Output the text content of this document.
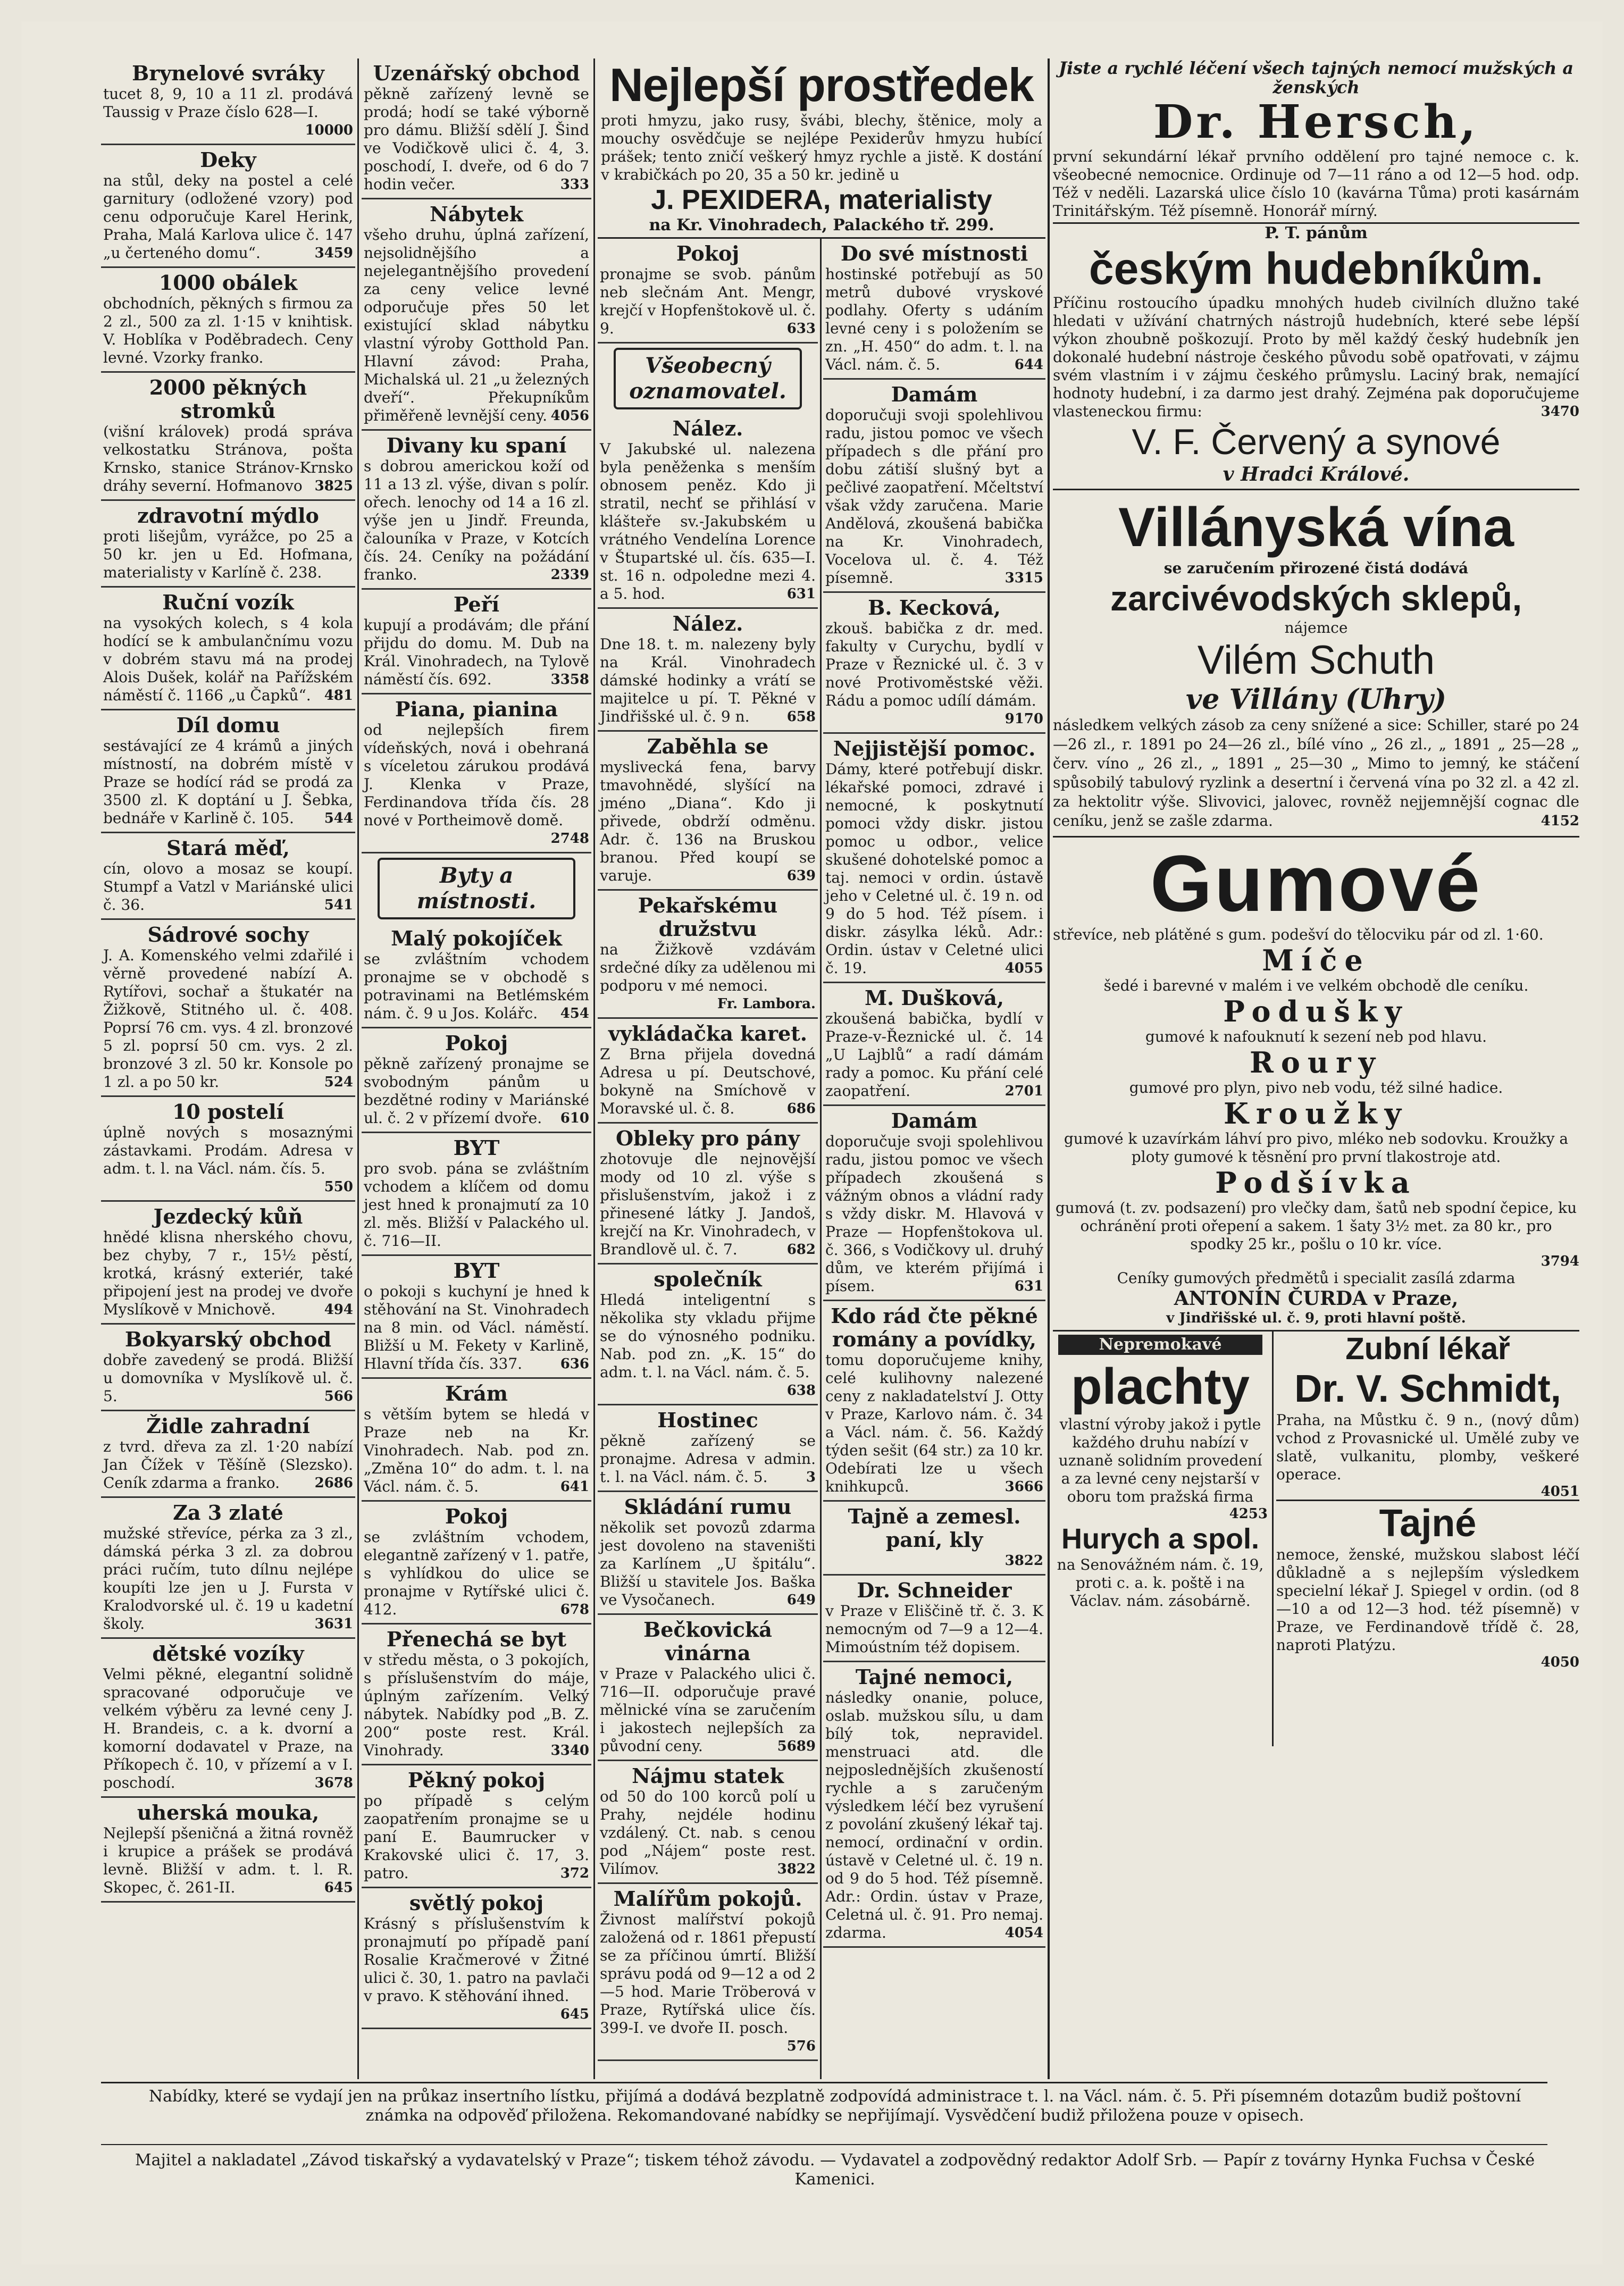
Brynelové svráky

tucet 8, 9, 10 a 11 zl. prodává Taussig v Praze číslo 628—I.
10000

Deky

na stůl, deky na postel a celé garnitury (odložené vzory) pod cenu odporučuje Karel Herink, Praha, Malá Karlova ulice č. 147 „u čerteného domu“.	3459

1000 obálek

obchodních, pěkných s firmou za 2 zl., 500 za zl. 1·15 v knihtisk. V. Hoblíka v Poděbradech. Ceny levné. Vzorky franko.

2000 pěkných stromků

(višní královek) prodá správa velkostatku Stránova, pošta Krnsko, stanice Stránov-Krnsko dráhy severní. Hofmanovo 3825

zdravotní mýdlo

proti lišejům, vyrážce, po 25 a 50 kr. jen u Ed. Hofmana, materialisty v Karlíně č. 238.

Ruční vozík

na vysokých kolech, s 4 kola hodící se k ambulančnímu vozu v dobrém stavu má na prodej Alois Dušek, kolář na Pařížském náměstí č. 1166 „u Čapků“. 481

Díl domu

sestávající ze 4 krámů a jiných místností, na dobrém místě v Praze se hodící rád se prodá za 3500 zl. K doptání u J. Šebka, bednáře v Karlině č. 105. 544

Stará měď,

cín, olovo a mosaz se koupí. Stumpf a Vatzl v Mariánské ulici č. 36.	541

Sádrové sochy

J. A. Komenského velmi zdařilé i věrně provedené nabízí A. Rytířovi, sochař a štukatér na Žižkově, Stitného ul. č. 408. Poprsí 76 cm. vys. 4 zl. bronzové 5 zl. poprsí 50 cm. vys. 2 zl. bronzové 3 zl. 50 kr. Konsole po 1 zl. a po 50 kr.	524

10 postelí

úplně nových s mosaznými zástavkami. Prodám. Adresa v adm. t. l. na Václ. nám. čís. 5.
550

Jezdecký kůň

hnědé klisna nherského chovu, bez chyby, 7 r., 15½ pěstí, krotká, krásný exteriér, také připojení jest na prodej ve dvoře Myslíkově v Mnichově.	494

Bokyarský obchod

dobře zavedený se prodá. Bližší u domovníka v Myslíkově ul. č. 5.	566

Židle zahradní

z tvrd. dřeva za zl. 1·20 nabízí Jan Čížek v Těšíně (Slezsko). Ceník zdarma a franko.	2686

Za 3 zlaté

mužské střevíce, pérka za 3 zl., dámská pérka 3 zl. za dobrou práci ručím, tuto dílnu nejlépe koupíti lze jen u J. Fursta v Kralodvorské ul. č. 19 u kadetní školy.	3631

dětské vozíky

Velmi pěkné, elegantní solidně spracované odporučuje ve velkém výběru za levné ceny J. H. Brandeis, c. a k. dvorní a komorní dodavatel v Praze, na Příkopech č. 10, v přízemí a v I. poschodí.	3678

uherská mouka,

Nejlepší pšeničná a žitná rovněž i krupice a prášek se prodává levně. Bližší v adm. t. l. R. Skopec, č. 261-II.	645

Uzenářský obchod

pěkně zařízený levně se prodá; hodí se také výborně pro dámu. Bližší sdělí J. Šind ve Vodičkově ulici č. 4, 3. poschodí, I. dveře, od 6 do 7 hodin večer.	333

Nábytek

všeho druhu, úplná zařízení, nejsolidnějšího a nejelegantnějšího provedení za ceny velice levné odporučuje přes 50 let existující sklad nábytku vlastní výroby Gotthold Pan. Hlavní závod: Praha, Michalská ul. 21 „u železných dveří“. Překupníkům přiměřeně levnější ceny. 4056

Divany ku spaní

s dobrou americkou koží od 11 a 13 zl. výše, divan s polír. ořech. lenochy od 14 a 16 zl. výše jen u Jindř. Freunda, čalouníka v Praze, v Kotcích čís. 24. Ceníky na požádání franko.	2339

Peří

kupují a prodávám; dle přání přijdu do domu. M. Dub na Král. Vinohradech, na Tylově náměstí čís. 692.	3358

Piana, pianina

od nejlepších firem vídeňských, nová i obehraná s víceletou zárukou prodává J. Klenka v Praze, Ferdinandova třída čís. 28 nové v Portheimově domě.
2748

Byty a místnosti.
Malý pokojíček

se zvláštním vchodem pronajme se v obchodě s potravinami na Betlémském nám. č. 9 u Jos. Kolářc. 454

Pokoj

pěkně zařízený pronajme se svobodným pánům u bezdětné rodiny v Mariánské ul. č. 2 v přízemí dvoře. 610

BYT

pro svob. pána se zvláštním vchodem a klíčem od domu jest hned k pronajmutí za 10 zl. měs. Bližší v Palackého ul. č. 716—II.

BYT

o pokoji s kuchyní je hned k stěhování na St. Vinohradech na 8 min. od Václ. náměstí. Bližší u M. Fekety v Karlině, Hlavní třída čís. 337.	636

Krám

s větším bytem se hledá v Praze neb na Kr. Vinohradech. Nab. pod zn. „Změna 10“ do adm. t. l. na Václ. nám. č. 5.	641

Pokoj

se zvláštním vchodem, elegantně zařízený v 1. patře, s vyhlídkou do ulice se pronajme v Rytířské ulici č. 412.	678

Přenechá se byt

v středu města, o 3 pokojích, s příslušenstvím do máje, úplným zařízením. Velký nábytek. Nabídky pod „B. Z. 200“ poste rest. Král. Vinohrady.	3340

Pěkný pokoj

po případě s celým zaopatřením pronajme se u paní E. Baumrucker v Krakovské ulici č. 17, 3. patro.	372

světlý pokoj

Krásný s příslušenstvím k pronajmutí po případě paní Rosalie Kračmerové v Žitné ulici č. 30, 1. patro na pavlači v pravo. K stěhování ihned.
645

Nejlepší prostředek

proti hmyzu, jako rusy, švábi, blechy, štěnice, moly a mouchy osvědčuje se nejlépe Pexiderův hmyzu hubící prášek; tento zničí veškerý hmyz rychle a jistě. K dostání v krabičkách po 20, 35 a 50 kr. jedině u

J. PEXIDERA, materialisty
na Kr. Vinohradech, Palackého tř. 299.
Pokoj

pronajme se svob. pánům neb slečnám Ant. Mengr, krejčí v Hopfenštokově ul. č. 9.	633

Všeobecný oznamovatel.
Nález.

V Jakubské ul. nalezena byla peněženka s menším obnosem peněz. Kdo ji stratil, nechť se přihlásí v klášteře sv.-Jakubském u vrátného Vendelína Lorence v Štupartské ul. čís. 635—I. st. 16 n. odpoledne mezi 4. a 5. hod.	631

Nález.

Dne 18. t. m. nalezeny byly na Král. Vinohradech dámské hodinky a vrátí se majitelce u pí. T. Pěkné v Jindřišské ul. č. 9 n.	658

Zaběhla se

myslivecká fena, barvy tmavohnědé, slyšící na jméno „Diana“. Kdo ji přivede, obdrží odměnu. Adr. č. 136 na Bruskou branou. Před koupí se varuje.	639

Pekařskému družstvu

na Žižkově vzdávám srdečné díky za udělenou mi podporu v mé nemoci.
Fr. Lambora.

vykládačka karet.

Z Brna přijela dovedná Adresa u pí. Deutschové, bokyně na Smíchově v Moravské ul. č. 8.	686

Obleky pro pány

zhotovuje dle nejnovější mody od 10 zl. výše s přislušenstvím, jakož i z přinesené látky J. Jandoš, krejčí na Kr. Vinohradech, v Brandlově ul. č. 7.	682

společník

Hledá inteligentní s několika sty vkladu přijme se do výnosného podniku. Nab. pod zn. „K. 15“ do adm. t. l. na Václ. nám. č. 5.
638

Hostinec

pěkně zařízený se pronajme. Adresa v admin. t. l. na Václ. nám. č. 5.	3

Skládání rumu

několik set povozů zdarma jest dovoleno na staveništi za Karlínem „U špitálu“. Bližší u stavitele Jos. Baška ve Vysočanech.	649

Bečkovická vinárna

v Praze v Palackého ulici č. 716—II. odporučuje pravé mělnické vína se zaručením i jakostech nejlepších za původní ceny.	5689

Nájmu statek

od 50 do 100 korců polí u Prahy, nejdéle hodinu vzdálený. Ct. nab. s cenou pod „Nájem“ poste rest. Vilímov.	3822

Malířům pokojů.

Živnost malířství pokojů založená od r. 1861 přepustí se za příčinou úmrtí. Bližší správu podá od 9—12 a od 2—5 hod. Marie Tröberová v Praze, Rytířská ulice čís. 399-I. ve dvoře II. posch.
576

Do své místnosti

hostinské potřebují as 50 metrů dubové vryskové podlahy. Oferty s udáním levné ceny i s položením se zn. „H. 450“ do adm. t. l. na Václ. nám. č. 5.	644

Damám

doporučuji svoji spolehlivou radu, jistou pomoc ve všech případech s dle přání pro dobu zátiší slušný byt a pečlivé zaopatření. Mčeltství však vždy zaručena. Marie Andělová, zkoušená babička na Kr. Vinohradech, Vocelova ul. č. 4. Též písemně.	3315

B. Kecková,

zkouš. babička z dr. med. fakulty v Curychu, bydlí v Praze v Řeznické ul. č. 3 v nové Protivoměstské věži. Rádu a pomoc udílí dámám.
9170

Nejjistější pomoc.

Dámy, které potřebují diskr. lékařské pomoci, zdravé i nemocné, k poskytnutí pomoci vždy diskr. jistou pomoc u odbor., velice skušené dohotelské pomoc a taj. nemoci v ordin. ústavě jeho v Celetné ul. č. 19 n. od 9 do 5 hod. Též písem. i diskr. zásylka léků. Adr.: Ordin. ústav v Celetné ulici č. 19.	4055

M. Dušková,

zkoušená babička, bydlí v Praze-v-Řeznické ul. č. 14 „U Lajblů“ a radí dámám rady a pomoc. Ku přání celé zaopatření.	2701

Damám

doporučuje svoji spolehlivou radu, jistou pomoc ve všech případech zkoušená s vážným obnos a vládní rady s vždy diskr. M. Hlavová v Praze — Hopfenštokova ul. č. 366, s Vodičkovy ul. druhý dům, ve kterém přijímá i písem.	631

Kdo rád čte pěkné romány a povídky,

tomu doporučujeme knihy, celé kulihovny nalezené ceny z nakladatelství J. Otty v Praze, Karlovo nám. č. 34 a Václ. nám. č. 56. Každý týden sešit (64 str.) za 10 kr. Odebírati lze u všech knihkupců.	3666

Tajně a zemesl. paní, kly

3822

Dr. Schneider

v Praze v Eliščině tř. č. 3. K nemocným od 7—9 a 12—4. Mimoústním též dopisem.

Tajné nemoci,

následky onanie, poluce, oslab. mužskou sílu, u dam bílý tok, nepravidel. menstruaci atd. dle nejposlednějších zkušeností rychle a s zaručeným výsledkem léčí bez vyrušení z povolání zkušený lékař taj. nemocí, ordinační v ordin. ústavě v Celetné ul. č. 19 n. od 9 do 5 hod. Též písemně. Adr.: Ordin. ústav v Praze, Celetná ul. č. 91. Pro nemaj. zdarma.	4054

Jiste a rychlé léčení všech tajných nemocí mužských a ženských
Dr. Hersch,

první sekundární lékař prvního oddělení pro tajné nemoce c. k. všeobecné nemocnice. Ordinuje od 7—11 ráno a od 12—5 hod. odp. Též v neděli. Lazarská ulice číslo 10 (kavárna Tůma) proti kasárnám Trinitářským. Též písemně. Honorář mírný.

P. T. pánům
českým hudebníkům.

Příčinu rostoucího úpadku mnohých hudeb civilních dlužno také hledati v užívání chatrných nástrojů hudebních, které sebe lépší výkon zhoubně poškozují. Proto by měl každý český hudebník jen dokonalé hudební nástroje českého původu sobě opatřovati, v zájmu svém vlastním i v zájmu českého průmyslu. Laciný brak, nemající hodnoty hudební, i za darmo jest drahý. Zejména pak doporučujeme vlasteneckou firmu:	3470

V. F. Červený a synové
v Hradci Králové.
Villányská vína
se zaručením přirozené čistá dodává
zarcivévodských sklepů,
nájemce
Vilém Schuth
ve Villány (Uhry)

následkem velkých zásob za ceny snížené a sice: Schiller, staré po 24—26 zl., r. 1891 po 24—26 zl., bílé víno „ 26 zl., „ 1891 „ 25—28 „ červ. víno „ 26 zl., „ 1891 „ 25—30 „ Mimo to jemný, ke stáčení spůsobilý tabulový ryzlink a desertní i červená vína po 32 zl. a 42 zl. za hektolitr výše. Slivovici, jalovec, rovněž nejjemnější cognac dle ceníku, jenž se zašle zdarma.	4152

Gumové

střevíce, neb plátěné s gum. podešví do tělocviku pár od zl. 1·60.

Míče

šedé i barevné v malém i ve velkém obchodě dle ceníku.

Podušky

gumové k nafouknutí k sezení neb pod hlavu.

Roury

gumové pro plyn, pivo neb vodu, též silné hadice.

Kroužky

gumové k uzavírkám láhví pro pivo, mléko neb sodovku. Kroužky a ploty gumové k těsnění pro první tlakostroje atd.

Podšívka

gumová (t. zv. podsazení) pro vlečky dam, šatů neb spodní čepice, ku ochránění proti ořepení a sakem. 1 šaty 3½ met. za 80 kr., pro spodky 25 kr., pošlu o 10 kr. více.

3794
Ceníky gumových předmětů i specialit zasílá zdarma
ANTONÍN ČURDA v Praze,
v Jindřišské ul. č. 9, proti hlavní poště.
Nepremokavé
plachty

vlastní výroby jakož i pytle každého druhu nabízí v uznaně solidním provedení a za levné ceny nejstarší v oboru tom pražská firma

4253
Hurych a spol.

na Senovážném nám. č. 19, proti c. a. k. poště i na Václav. nám. zásobárně.

Zubní lékař
Dr. V. Schmidt,

Praha, na Můstku č. 9 n., (nový dům) vchod z Provasnické ul. Umělé zuby ve slatě, vulkanitu, plomby, veškeré operace.

4051
Tajné

nemoce, ženské, mužskou slabost léčí důkladně a s nejlepším výsledkem specielní lékař J. Spiegel v ordin. (od 8—10 a od 12—3 hod. též písemně) v Praze, ve Ferdinandově třídě č. 28, naproti Platýzu.

4050
Nabídky, které se vydají jen na průkaz insertního lístku, přijímá a dodává bezplatně zodpovídá administrace t. l. na Václ. nám. č. 5. Při písemném dotazům budiž poštovní známka na odpověď přiložena. Rekomandované nabídky se nepřijímají. Vysvědčení budiž přiložena pouze v opisech.
Majitel a nakladatel „Závod tiskařský a vydavatelský v Praze“; tiskem téhož závodu. — Vydavatel a zodpovědný redaktor Adolf Srb. — Papír z továrny Hynka Fuchsa v České Kamenici.
